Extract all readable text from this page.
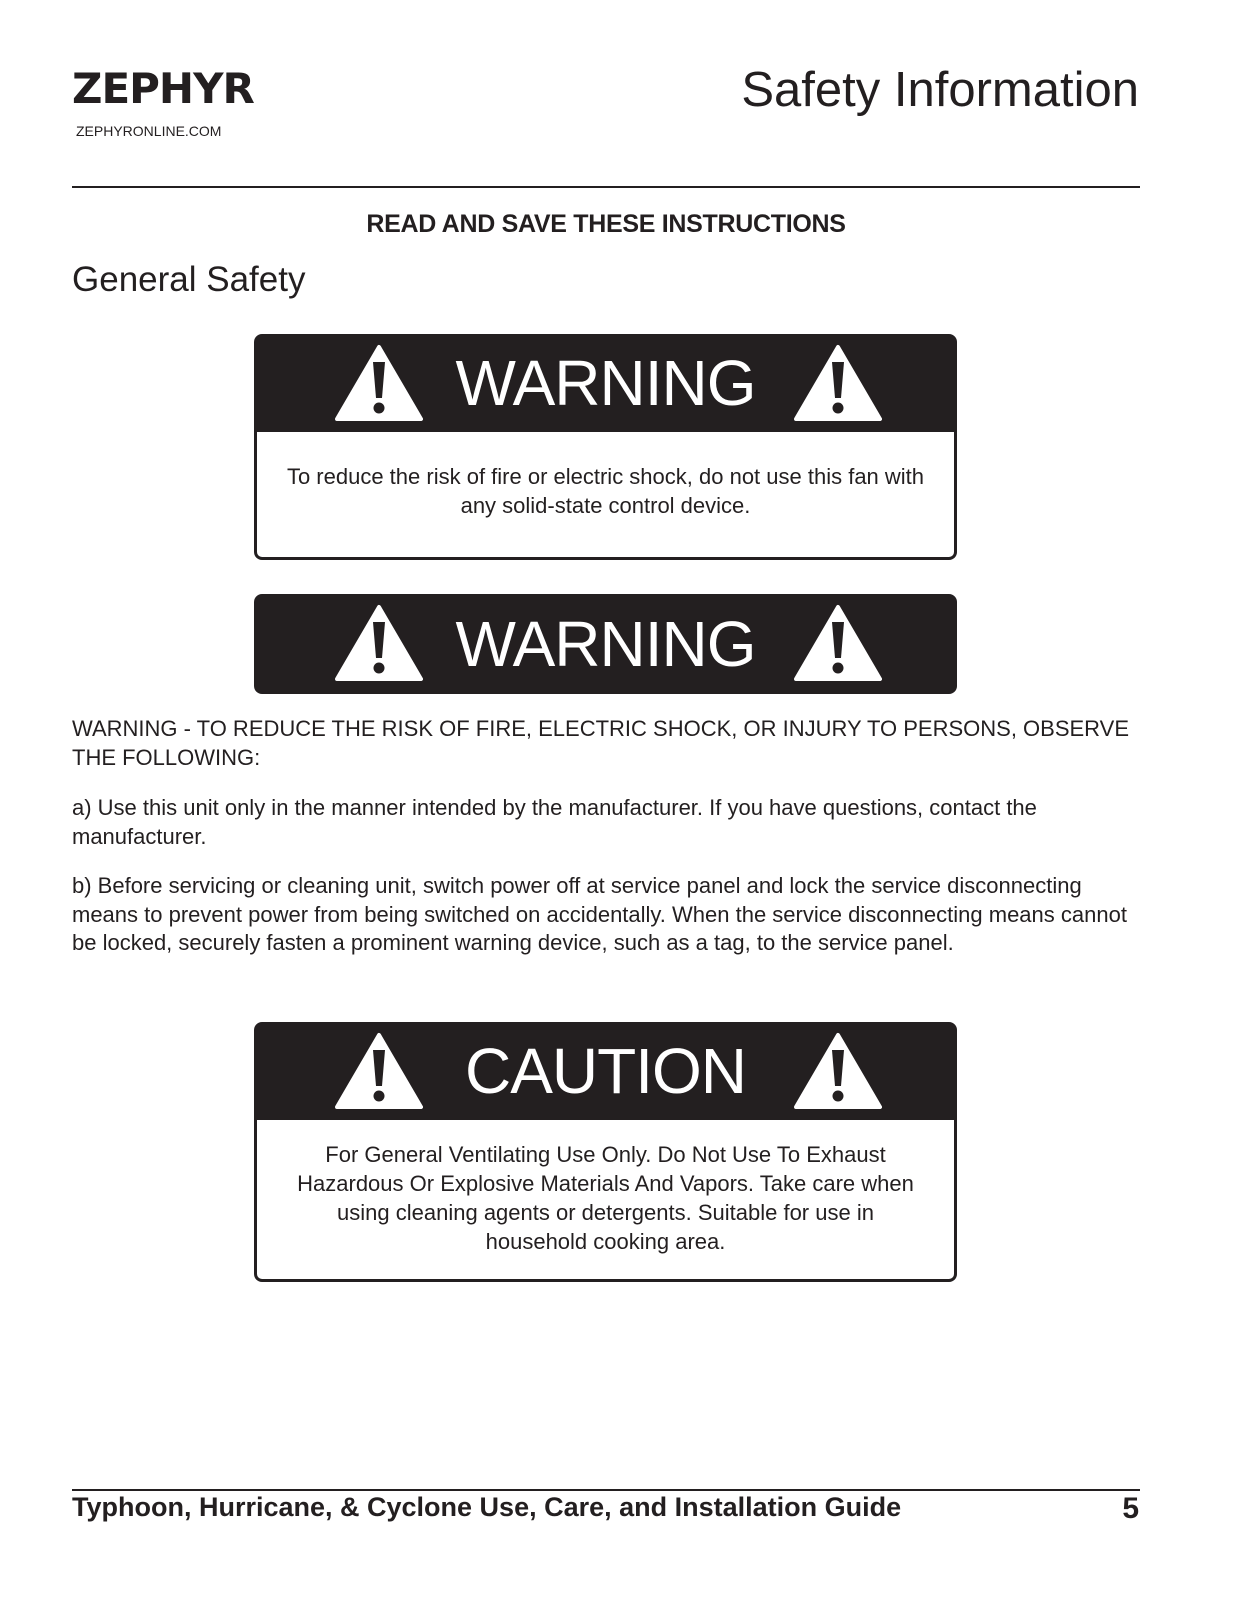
ZEPHYR
ZEPHYRONLINE.COM
Safety Information
READ AND SAVE THESE INSTRUCTIONS
General Safety
WARNING
To reduce the risk of fire or electric shock, do not use this fan with any solid-state control device.
WARNING
WARNING - TO REDUCE THE RISK OF FIRE, ELECTRIC SHOCK, OR INJURY TO PERSONS, OBSERVE THE FOLLOWING:
a) Use this unit only in the manner intended by the manufacturer. If you have questions, contact the manufacturer.
b) Before servicing or cleaning unit, switch power off at service panel and lock the service disconnecting means to prevent power from being switched on accidentally. When the service disconnecting means cannot be locked, securely fasten a prominent warning device, such as a tag, to the service panel.
CAUTION
For General Ventilating Use Only. Do Not Use To Exhaust Hazardous Or Explosive Materials And Vapors. Take care when using cleaning agents or detergents. Suitable for use in household cooking area.
Typhoon, Hurricane, & Cyclone Use, Care, and Installation Guide	5
